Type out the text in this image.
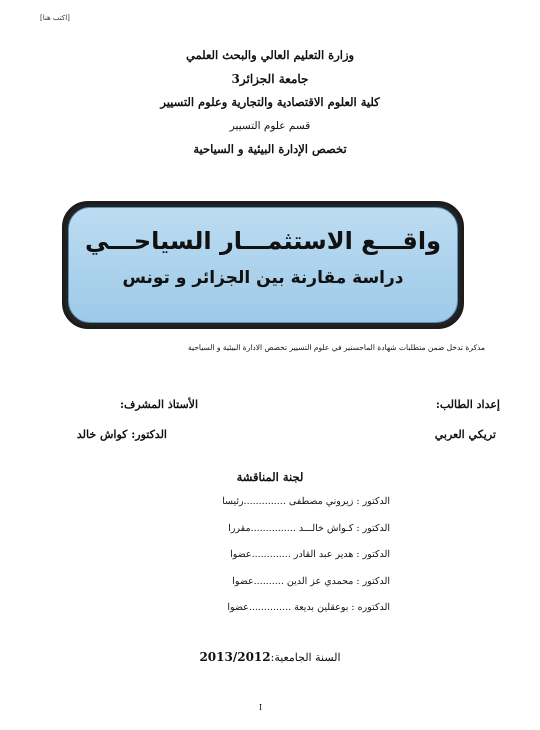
[اكتب هنا]
وزارة التعليم العالي والبحث العلمي
جامعة الجزائر3
كلية العلوم الاقتصادية والتجارية وعلوم التسيير
قسم علوم التسيير
تخصص الإدارة البيئية و السياحية
واقـــع الاستثمـــار السياحـــي
دراسة مقارنة بين الجزائر و تونس
مذكرة تدخل ضمن متطلبات شهادة الماجستير في علوم التسيير تخصص الادارة البيئية و السياحية
إعداد الطالب:
تريكي العربي
الأستاذ المشرف:
الدكتور: كواش خالد
لجنة المناقشة
الدكتور : زيروني مصطفى ..............رئيسا
الدكتور : كـواش خالـــد ...............مقررا
الدكتور : هدير عبد القادر .............عضوا
الدكتور : محمدي عز الدين ..........عضوا
الدكتوره : بوعقلين بديعة ..............عضوا
السنة الجامعية:2013/2012
I
